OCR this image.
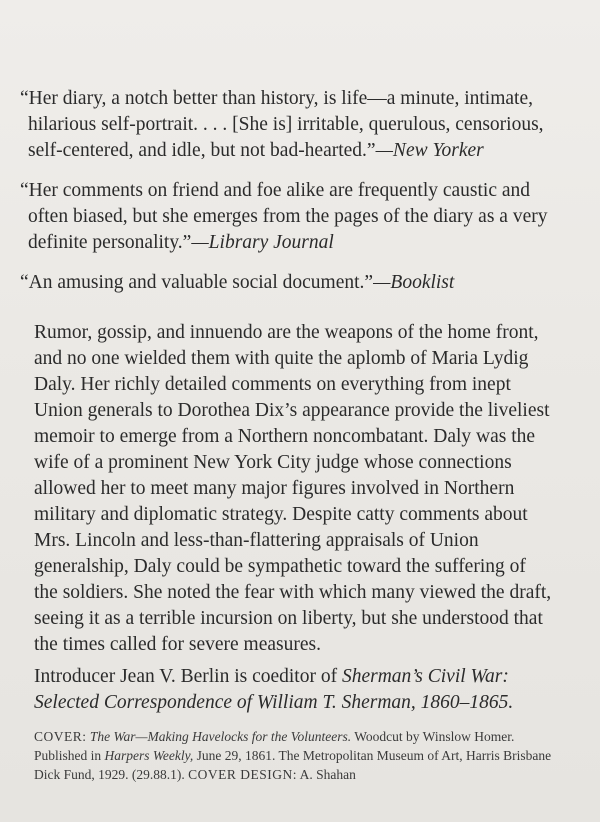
“Her diary, a notch better than history, is life—a minute, intimate, hilarious self-portrait. . . . [She is] irritable, querulous, censorious, self-centered, and idle, but not bad-hearted.”—New Yorker

“Her comments on friend and foe alike are frequently caustic and often biased, but she emerges from the pages of the diary as a very definite personality.”—Library Journal

“An amusing and valuable social document.”—Booklist

Rumor, gossip, and innuendo are the weapons of the home front, and no one wielded them with quite the aplomb of Maria Lydig Daly. Her richly detailed comments on everything from inept Union generals to Dorothea Dix’s appearance provide the liveliest memoir to emerge from a Northern noncombatant. Daly was the wife of a prominent New York City judge whose connections allowed her to meet many major figures involved in Northern military and diplomatic strategy. Despite catty comments about Mrs. Lincoln and less-than-flattering appraisals of Union generalship, Daly could be sympathetic toward the suffering of the soldiers. She noted the fear with which many viewed the draft, seeing it as a terrible incursion on liberty, but she understood that the times called for severe measures.

Introducer Jean V. Berlin is coeditor of Sherman’s Civil War: Selected Correspondence of William T. Sherman, 1860–1865.

COVER: The War—Making Havelocks for the Volunteers. Woodcut by Winslow Homer. Published in Harpers Weekly, June 29, 1861. The Metropolitan Museum of Art, Harris Brisbane Dick Fund, 1929. (29.88.1). COVER DESIGN: A. Shahan
